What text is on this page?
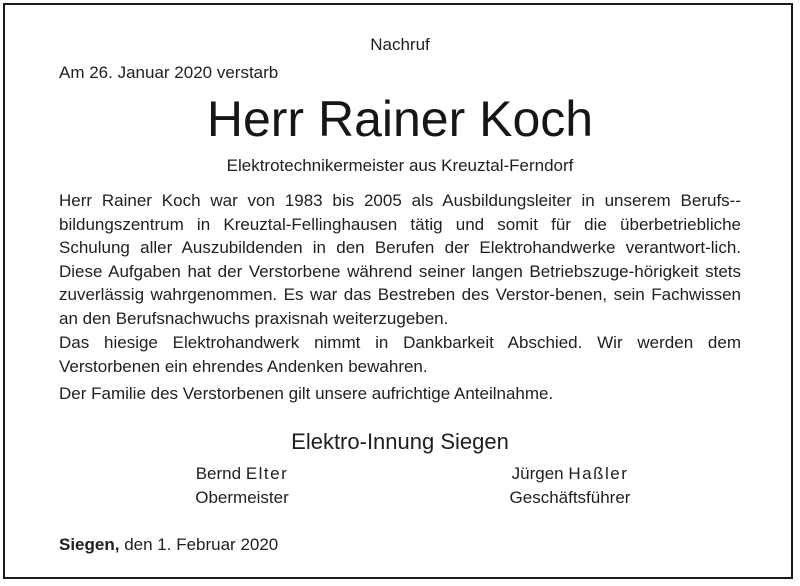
Nachruf
Am 26. Januar 2020 verstarb
Herr Rainer Koch
Elektrotechnikermeister aus Kreuztal-Ferndorf
Herr Rainer Koch war von 1983 bis 2005 als Ausbildungsleiter in unserem Berufs-bildungszentrum in Kreuztal-Fellinghausen tätig und somit für die überbetriebliche Schulung aller Auszubildenden in den Berufen der Elektrohandwerke verantwort-lich. Diese Aufgaben hat der Verstorbene während seiner langen Betriebszuge-hörigkeit stets zuverlässig wahrgenommen. Es war das Bestreben des Verstor-benen, sein Fachwissen an den Berufsnachwuchs praxisnah weiterzugeben.
Das hiesige Elektrohandwerk nimmt in Dankbarkeit Abschied. Wir werden dem Verstorbenen ein ehrendes Andenken bewahren.
Der Familie des Verstorbenen gilt unsere aufrichtige Anteilnahme.
Elektro-Innung Siegen
Bernd Elter
Obermeister
Jürgen Haßler
Geschäftsführer
Siegen, den 1. Februar 2020
